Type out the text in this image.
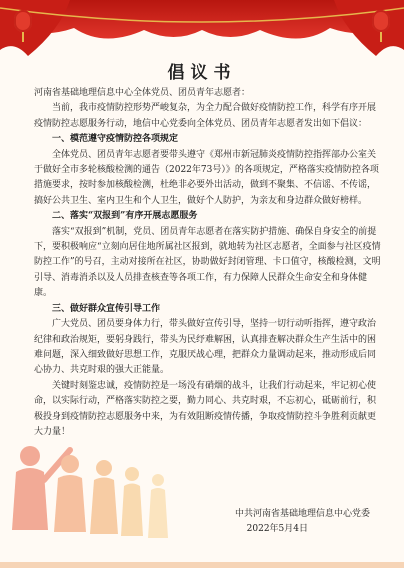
倡议书

河南省基础地理信息中心全体党员、团员青年志愿者：

当前，我市疫情防控形势严峻复杂，为全力配合做好疫情防控工作，科学有序开展疫情防控志愿服务行动，地信中心党委向全体党员、团员青年志愿者发出如下倡议：

一、模范遵守疫情防控各项规定

全体党员、团员青年志愿者要带头遵守《郑州市新冠肺炎疫情防控指挥部办公室关于做好全市多轮核酸检测的通告（2022年73号）》的各项规定，严格落实疫情防控各项措施要求，按时参加核酸检测，杜绝非必要外出活动，做到不聚集、不信谣、不传谣，搞好公共卫生、室内卫生和个人卫生，做好个人防护，为亲友和身边群众做好榜样。

二、落实“双报到”有序开展志愿服务

落实“双报到”机制，党员、团员青年志愿者在落实防护措施、确保自身安全的前提下，要积极响应“立刻向居住地所属社区报到，就地转为社区志愿者，全面参与社区疫情防控工作”的号召，主动对接所在社区，协助做好封闭管理、卡口值守，核酸检测，文明引导、消毒消杀以及人员排查核查等各项工作，有力保障人民群众生命安全和身体健康。

三、做好群众宣传引导工作

广大党员、团员要身体力行，带头做好宣传引导，坚持一切行动听指挥，遵守政治纪律和政治规矩，要躬身践行，带头为民纾难解困，认真排查解决群众生产生活中的困难问题，深入细致做好思想工作，克服厌战心理，把群众力量调动起来，推动形成后同心协力、共克时艰的强大正能量。

关键时刻鉴忠诚，疫情防控是一场没有硝烟的战斗，让我们行动起来，牢记初心使命，以实际行动，严格落实防控之要，勤力同心、共克时艰，不忘初心，砥砺前行，积极投身到疫情防控志愿服务中来，为有效阻断疫情传播，争取疫情防控斗争胜利贡献更大力量！

中共河南省基础地理信息中心党委
2022年5月4日
